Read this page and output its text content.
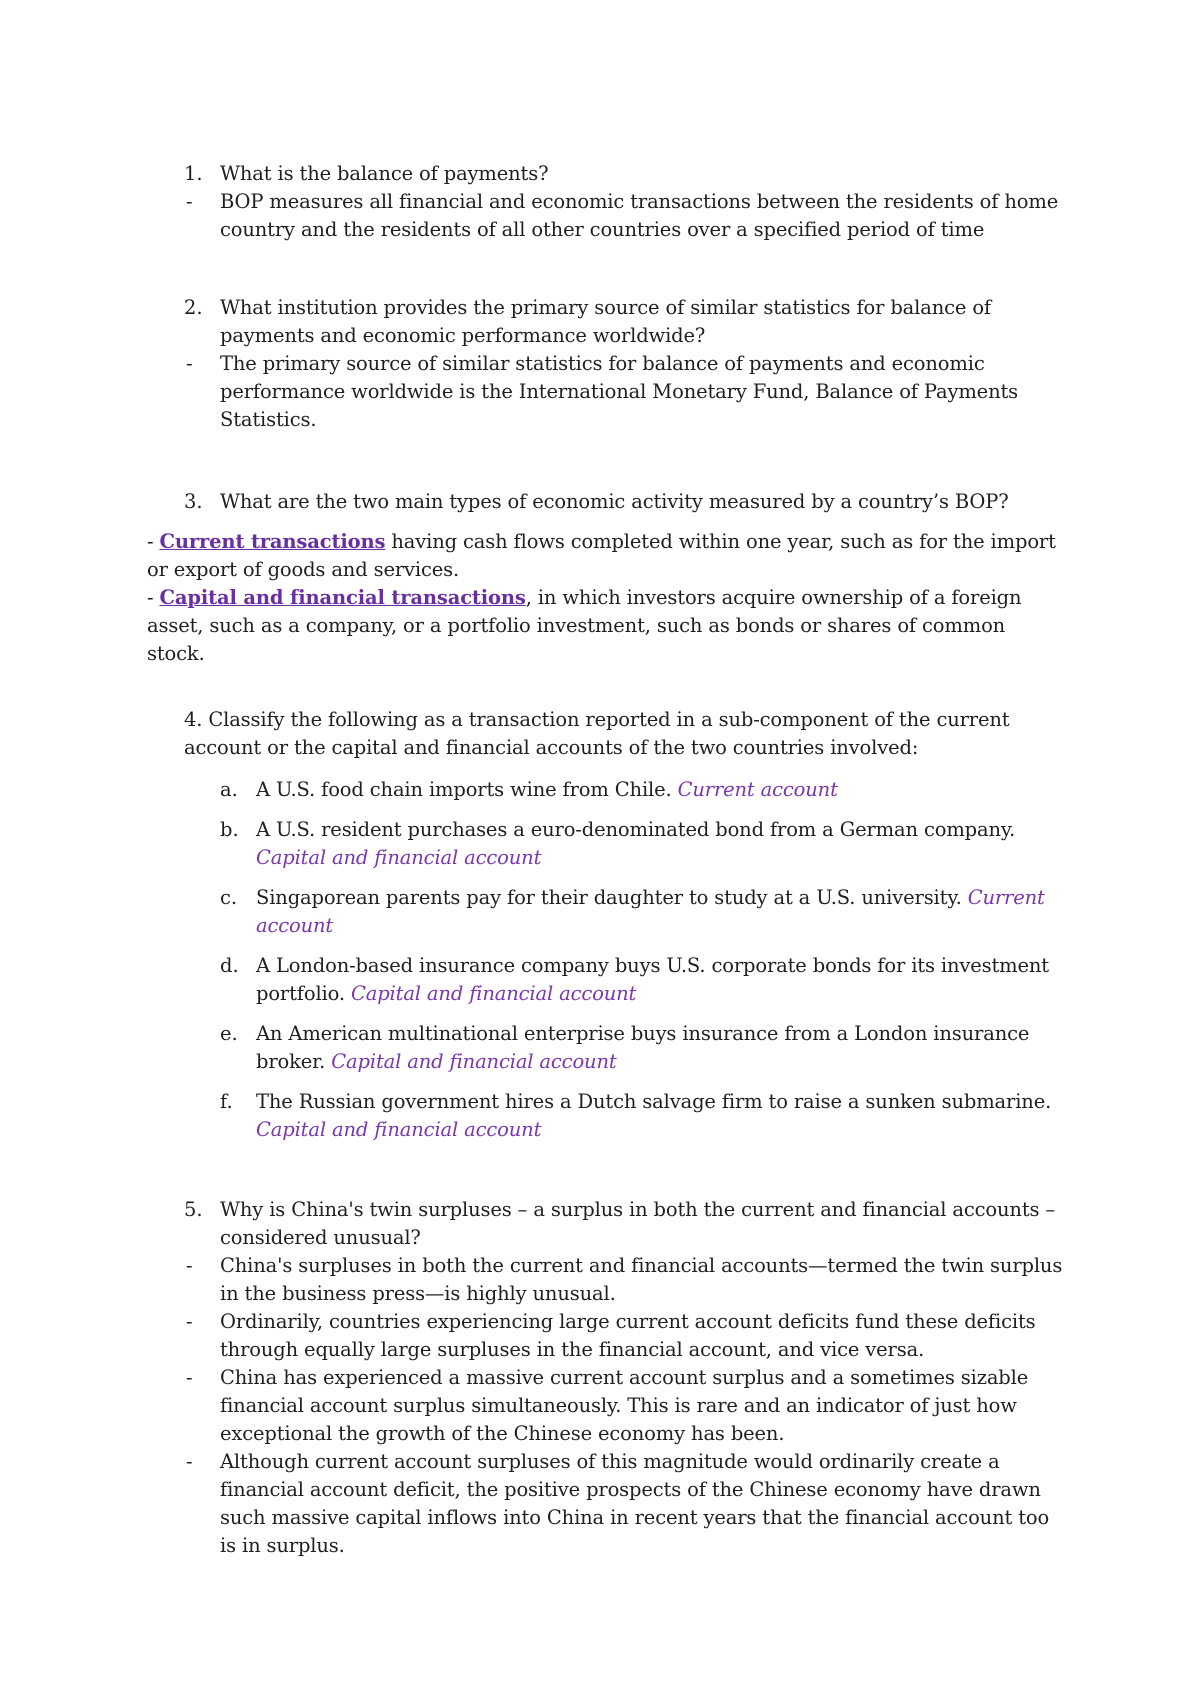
1. What is the balance of payments?
- BOP measures all financial and economic transactions between the residents of home
country and the residents of all other countries over a specified period of time
2. What institution provides the primary source of similar statistics for balance of
payments and economic performance worldwide?
- The primary source of similar statistics for balance of payments and economic
performance worldwide is the International Monetary Fund, Balance of Payments
Statistics.
3. What are the two main types of economic activity measured by a country’s BOP?
- Current transactions having cash flows completed within one year, such as for the import
or export of goods and services.
- Capital and financial transactions, in which investors acquire ownership of a foreign
asset, such as a company, or a portfolio investment, such as bonds or shares of common
stock.
4. Classify the following as a transaction reported in a sub-component of the current
account or the capital and financial accounts of the two countries involved:
a. A U.S. food chain imports wine from Chile. Current account
b. A U.S. resident purchases a euro-denominated bond from a German company.
Capital and financial account
c. Singaporean parents pay for their daughter to study at a U.S. university. Current
account
d. A London-based insurance company buys U.S. corporate bonds for its investment
portfolio. Capital and financial account
e. An American multinational enterprise buys insurance from a London insurance
broker. Capital and financial account
f. The Russian government hires a Dutch salvage firm to raise a sunken submarine.
Capital and financial account
5. Why is China's twin surpluses – a surplus in both the current and financial accounts –
considered unusual?
- China's surpluses in both the current and financial accounts—termed the twin surplus
in the business press—is highly unusual.
- Ordinarily, countries experiencing large current account deficits fund these deficits
through equally large surpluses in the financial account, and vice versa.
- China has experienced a massive current account surplus and a sometimes sizable
financial account surplus simultaneously. This is rare and an indicator of just how
exceptional the growth of the Chinese economy has been.
- Although current account surpluses of this magnitude would ordinarily create a
financial account deficit, the positive prospects of the Chinese economy have drawn
such massive capital inflows into China in recent years that the financial account too
is in surplus.
